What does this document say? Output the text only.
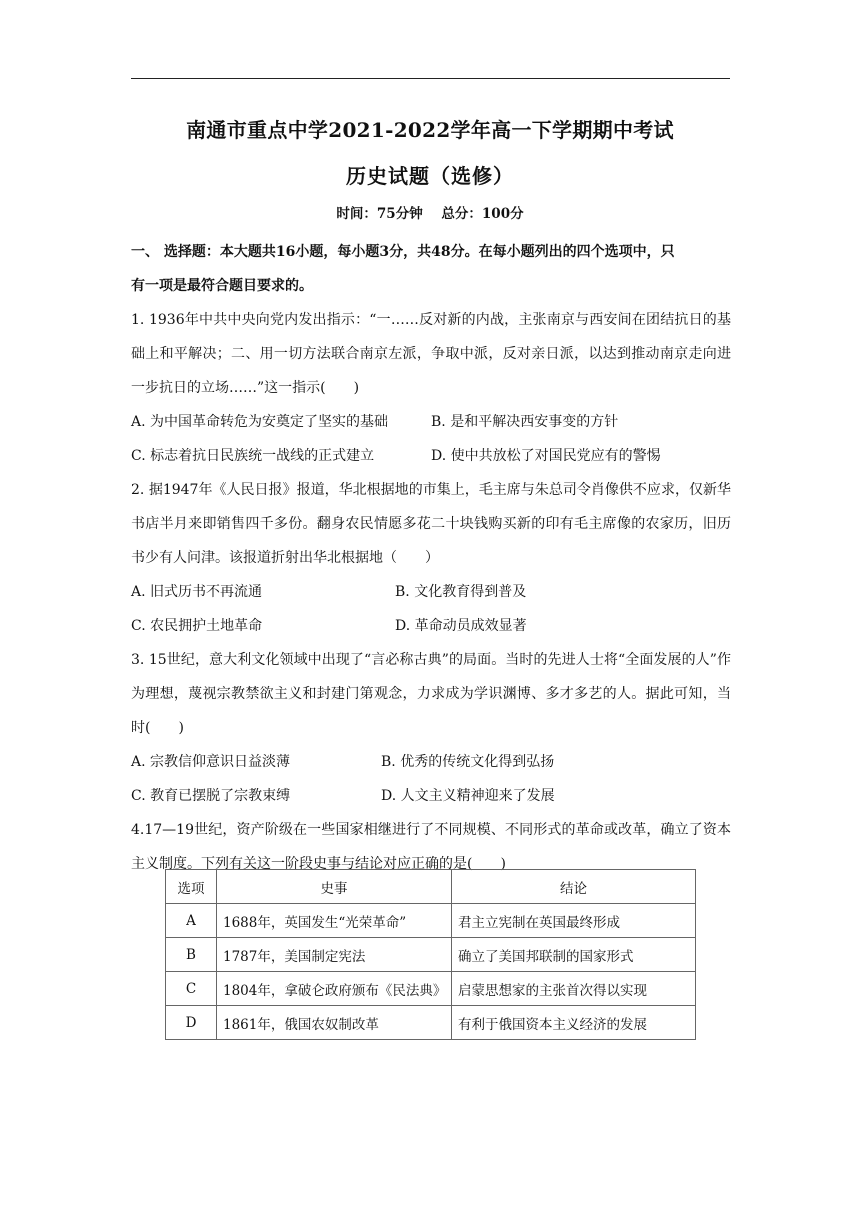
南通市重点中学2021-2022学年高一下学期期中考试
历史试题（选修）
时间：75分钟 总分：100分

一、 选择题：本大题共16小题，每小题3分，共48分。在每小题列出的四个选项中，只

有一项是最符合题目要求的。

1. 1936年中共中央向党内发出指示：“一……反对新的内战，主张南京与西安间在团结抗日的基础上和平解决；二、用一切方法联合南京左派，争取中派，反对亲日派，以达到推动南京走向进一步抗日的立场……”这一指示(　　)

A. 为中国革命转危为安奠定了坚实的基础	B. 是和平解决西安事变的方针
C. 标志着抗日民族统一战线的正式建立	D. 使中共放松了对国民党应有的警惕

2. 据1947年《人民日报》报道，华北根据地的市集上，毛主席与朱总司令肖像供不应求，仅新华书店半月来即销售四千多份。翻身农民情愿多花二十块钱购买新的印有毛主席像的农家历，旧历书少有人问津。该报道折射出华北根据地（　　）

A. 旧式历书不再流通	B. 文化教育得到普及
C. 农民拥护土地革命	D. 革命动员成效显著

3. 15世纪，意大利文化领域中出现了“言必称古典”的局面。当时的先进人士将“全面发展的人”作为理想，蔑视宗教禁欲主义和封建门第观念，力求成为学识渊博、多才多艺的人。据此可知，当时(　　)

A. 宗教信仰意识日益淡薄	B. 优秀的传统文化得到弘扬
C. 教育已摆脱了宗教束缚	D. 人文主义精神迎来了发展

4.17—19世纪，资产阶级在一些国家相继进行了不同规模、不同形式的革命或改革，确立了资本主义制度。下列有关这一阶段史事与结论对应正确的是(　　)

选项	史事	结论
A	1688年，英国发生“光荣革命”	君主立宪制在英国最终形成
B	1787年，美国制定宪法	确立了美国邦联制的国家形式
C	1804年，拿破仑政府颁布《民法典》	启蒙思想家的主张首次得以实现
D	1861年，俄国农奴制改革	有利于俄国资本主义经济的发展
